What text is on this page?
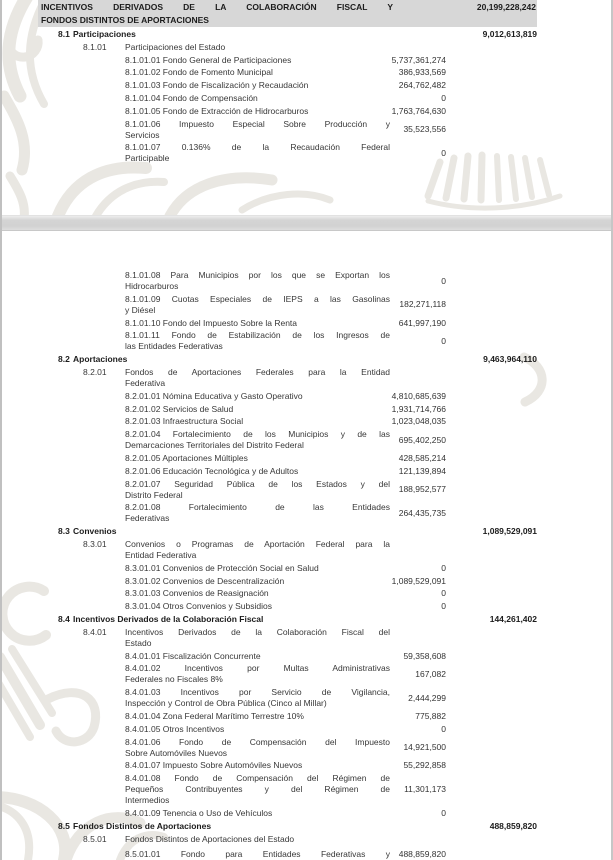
INCENTIVOS DERIVADOS DE LA COLABORACIÓN FISCAL Y
FONDOS DISTINTOS DE APORTACIONES
20,199,228,242
8.1 Participaciones	9,012,613,819
8.1.01	Participaciones del Estado
8.1.01.01 Fondo General de Participaciones	5,737,361,274
8.1.01.02 Fondo de Fomento Municipal	386,933,569
8.1.01.03 Fondo de Fiscalización y Recaudación	264,762,482
8.1.01.04 Fondo de Compensación	0
8.1.01.05 Fondo de Extracción de Hidrocarburos	1,763,764,630
8.1.01.06 Impuesto Especial Sobre Producción y
Servicios
35,523,556
8.1.01.07 0.136% de la Recaudación Federal
Participable
0
8.1.01.08 Para Municipios por los que se Exportan los
Hidrocarburos
0
8.1.01.09 Cuotas Especiales de IEPS a las Gasolinas
y Diésel
182,271,118
8.1.01.10 Fondo del Impuesto Sobre la Renta	641,997,190
8.1.01.11 Fondo de Estabilización de los Ingresos de
las Entidades Federativas
0
8.2 Aportaciones	9,463,964,110
8.2.01	Fondos de Aportaciones Federales para la Entidad
Federativa
8.2.01.01 Nómina Educativa y Gasto Operativo	4,810,685,639
8.2.01.02 Servicios de Salud	1,931,714,766
8.2.01.03 Infraestructura Social	1,023,048,035
8.2.01.04 Fortalecimiento de los Municipios y de las
Demarcaciones Territoriales del Distrito Federal
695,402,250
8.2.01.05 Aportaciones Múltiples	428,585,214
8.2.01.06 Educación Tecnológica y de Adultos	121,139,894
8.2.01.07 Seguridad Pública de los Estados y del
Distrito Federal
188,952,577
8.2.01.08 Fortalecimiento de las Entidades
Federativas
264,435,735
8.3 Convenios	1,089,529,091
8.3.01	Convenios o Programas de Aportación Federal para la
Entidad Federativa
8.3.01.01 Convenios de Protección Social en Salud	0
8.3.01.02 Convenios de Descentralización	1,089,529,091
8.3.01.03 Convenios de Reasignación	0
8.3.01.04 Otros Convenios y Subsidios	0
8.4 Incentivos Derivados de la Colaboración Fiscal	144,261,402
8.4.01	Incentivos Derivados de la Colaboración Fiscal del
Estado
8.4.01.01 Fiscalización Concurrente	59,358,608
8.4.01.02 Incentivos por Multas Administrativas
Federales no Fiscales 8%
167,082
8.4.01.03 Incentivos por Servicio de Vigilancia,
Inspección y Control de Obra Pública (Cinco al Millar)
2,444,299
8.4.01.04 Zona Federal Marítimo Terrestre 10%	775,882
8.4.01.05 Otros Incentivos	0
8.4.01.06 Fondo de Compensación del Impuesto
Sobre Automóviles Nuevos
14,921,500
8.4.01.07 Impuesto Sobre Automóviles Nuevos	55,292,858
8.4.01.08 Fondo de Compensación del Régimen de
Pequeños Contribuyentes y del Régimen de
Intermedios
11,301,173
8.4.01.09 Tenencia o Uso de Vehículos	0
8.5 Fondos Distintos de Aportaciones	488,859,820
8.5.01	Fondos Distintos de Aportaciones del Estado
8.5.01.01 Fondo para Entidades Federativas y	488,859,820
